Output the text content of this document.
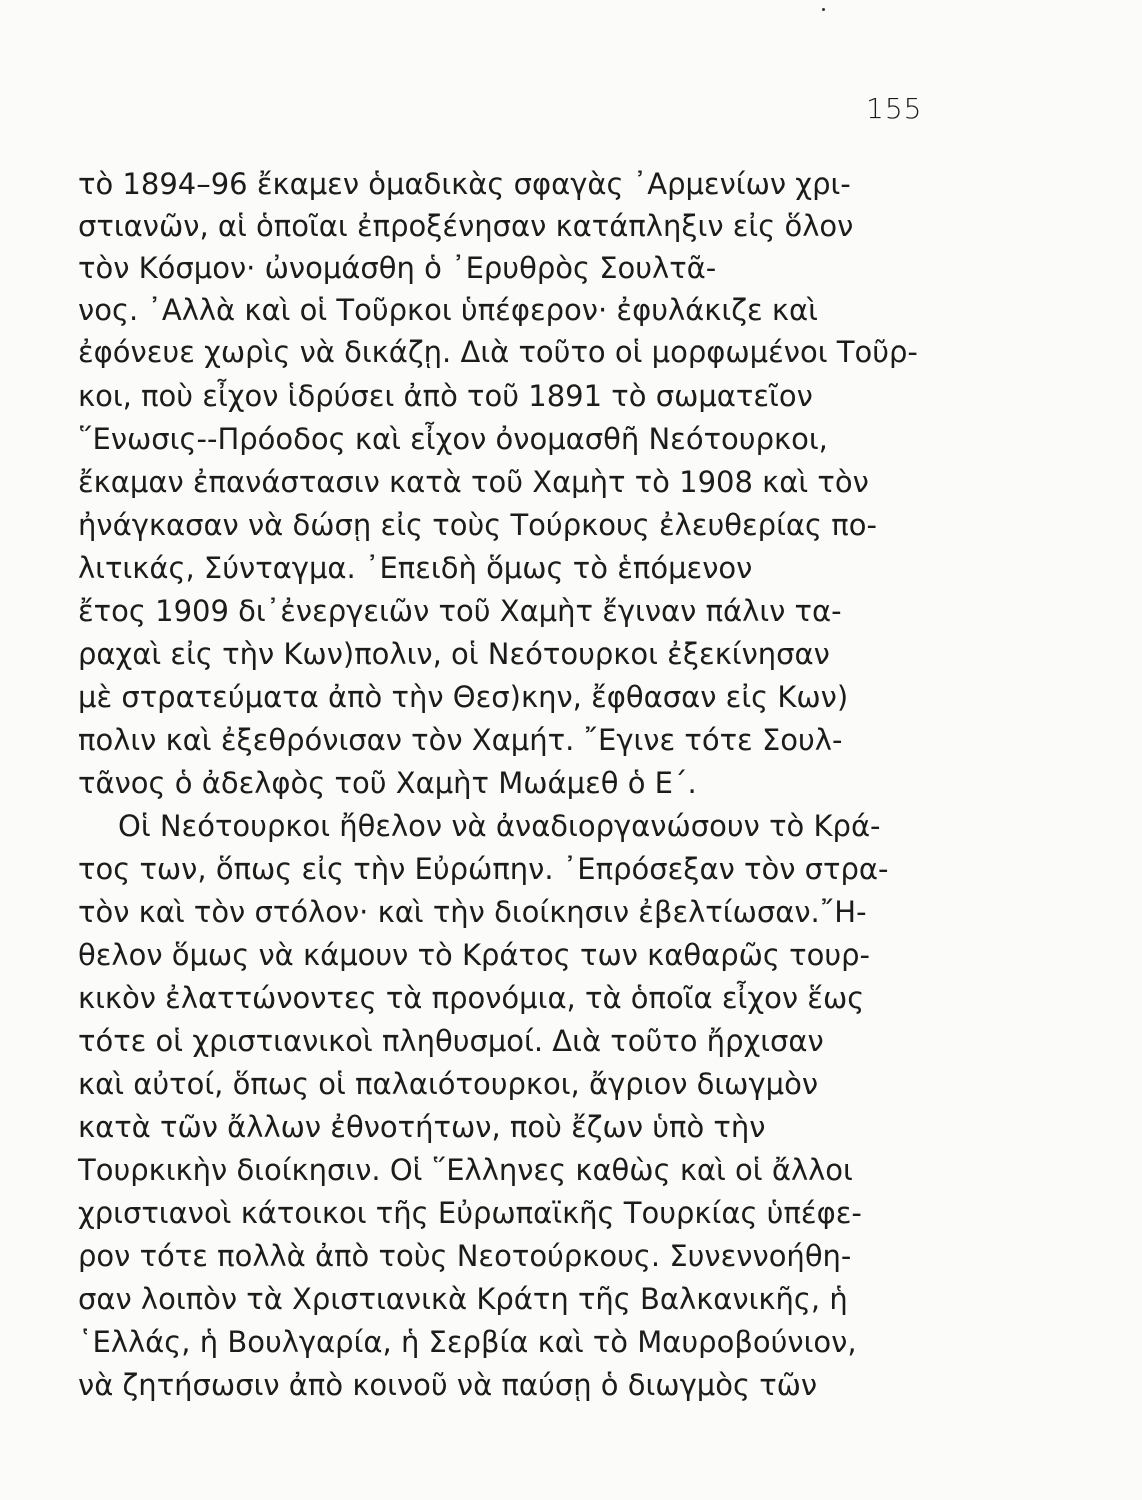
155
τὸ 1894–96 ἔκαμεν ὁμαδικὰς σφαγὰς ᾿Αρμενίων χρι-
στιανῶν, αἱ ὁποῖαι ἐπροξένησαν κατάπληξιν εἰς ὅλον
τὸν Κόσμον· ὠνομάσθη ὁ ᾿Ερυθρὸς Σουλτᾶ-
νος. ᾿Αλλὰ καὶ οἱ Τοῦρκοι ὑπέφερον· ἐφυλάκιζε καὶ
ἐφόνευε χωρὶς νὰ δικάζῃ. Διὰ τοῦτο οἱ μορφωμένοι Τοῦρ-
κοι, ποὺ εἶχον ἱδρύσει ἀπὸ τοῦ 1891 τὸ σωματεῖον
῞Ενωσις--Πρόοδος καὶ εἶχον ὀνομασθῆ Νεότουρκοι,
ἔκαμαν ἐπανάστασιν κατὰ τοῦ Χαμὴτ τὸ 1908 καὶ τὸν
ἠνάγκασαν νὰ δώσῃ εἰς τοὺς Τούρκους ἐλευθερίας πο-
λιτικάς, Σύνταγμα. ᾿Επειδὴ ὅμως τὸ ἑπόμενον
ἔτος 1909 δι᾿ἐνεργειῶν τοῦ Χαμὴτ ἔγιναν πάλιν τα-
ραχαὶ εἰς τὴν Κων)πολιν, οἱ Νεότουρκοι ἐξεκίνησαν
μὲ στρατεύματα ἀπὸ τὴν Θεσ)κην, ἔφθασαν εἰς Κων)
πολιν καὶ ἐξεθρόνισαν τὸν Χαμήτ. ῎Εγινε τότε Σουλ-
τᾶνος ὁ ἀδελφὸς τοῦ Χαμὴτ Μωάμεθ ὁ Ε΄.
Οἱ Νεότουρκοι ἤθελον νὰ ἀναδιοργανώσουν τὸ Κρά-
τος των, ὅπως εἰς τὴν Εὐρώπην. ᾿Επρόσεξαν τὸν στρα-
τὸν καὶ τὸν στόλον· καὶ τὴν διοίκησιν ἐβελτίωσαν.῎Η-
θελον ὅμως νὰ κάμουν τὸ Κράτος των καθαρῶς τουρ-
κικὸν ἐλαττώνοντες τὰ προνόμια, τὰ ὁποῖα εἶχον ἕως
τότε οἱ χριστιανικοὶ πληθυσμοί. Διὰ τοῦτο ἤρχισαν
καὶ αὐτοί, ὅπως οἱ παλαιότουρκοι, ἄγριον διωγμὸν
κατὰ τῶν ἄλλων ἐθνοτήτων, ποὺ ἔζων ὑπὸ τὴν
Τουρκικὴν διοίκησιν. Οἱ ῞Ελληνες καθὼς καὶ οἱ ἄλλοι
χριστιανοὶ κάτοικοι τῆς Εὐρωπαϊκῆς Τουρκίας ὑπέφε-
ρον τότε πολλὰ ἀπὸ τοὺς Νεοτούρκους. Συνεννοήθη-
σαν λοιπὸν τὰ Χριστιανικὰ Κράτη τῆς Βαλκανικῆς, ἡ
῾Ελλάς, ἡ Βουλγαρία, ἡ Σερβία καὶ τὸ Μαυροβούνιον,
νὰ ζητήσωσιν ἀπὸ κοινοῦ νὰ παύσῃ ὁ διωγμὸς τῶν
